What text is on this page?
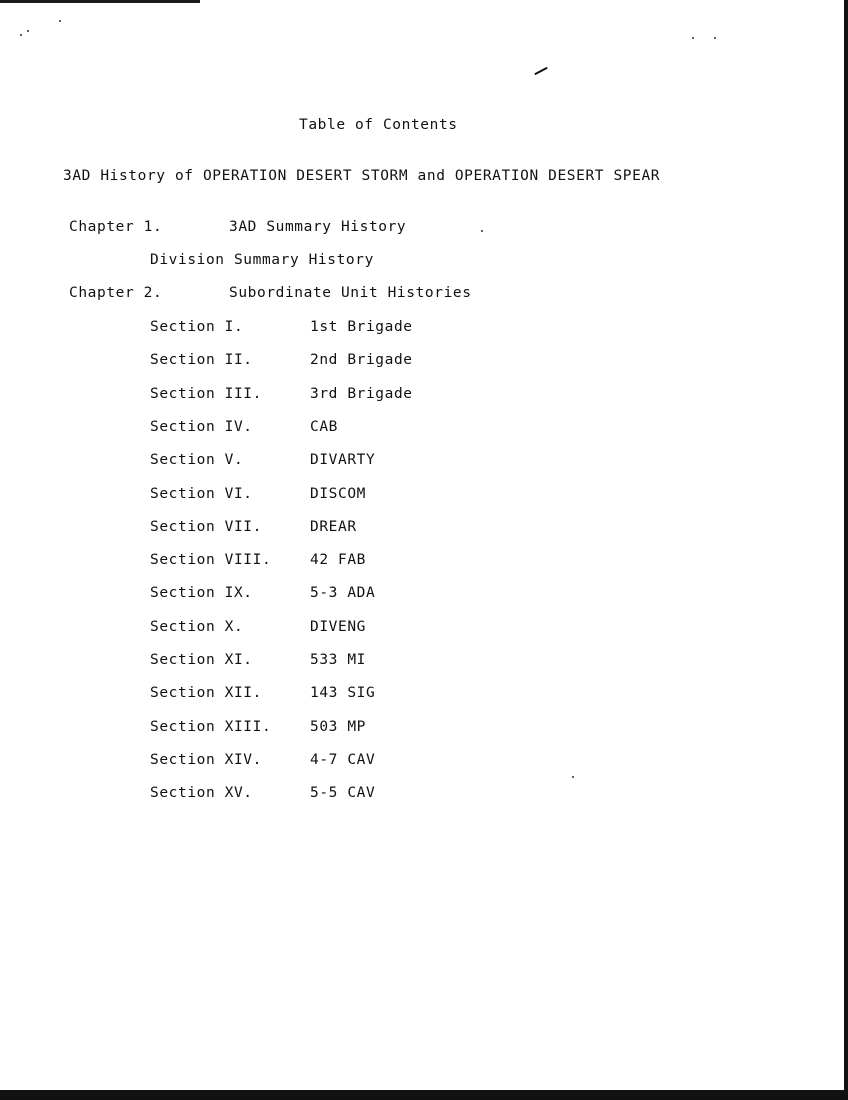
Table of Contents
3AD History of OPERATION DESERT STORM and OPERATION DESERT SPEAR
Chapter 1.	3AD Summary History
Division Summary History
Chapter 2.	Subordinate Unit Histories
Section I.	1st Brigade
Section II.	2nd Brigade
Section III.	3rd Brigade
Section IV.	CAB
Section V.	DIVARTY
Section VI.	DISCOM
Section VII.	DREAR
Section VIII.	42 FAB
Section IX.	5-3 ADA
Section X.	DIVENG
Section XI.	533 MI
Section XII.	143 SIG
Section XIII.	503 MP
Section XIV.	4-7 CAV
Section XV.	5-5 CAV
